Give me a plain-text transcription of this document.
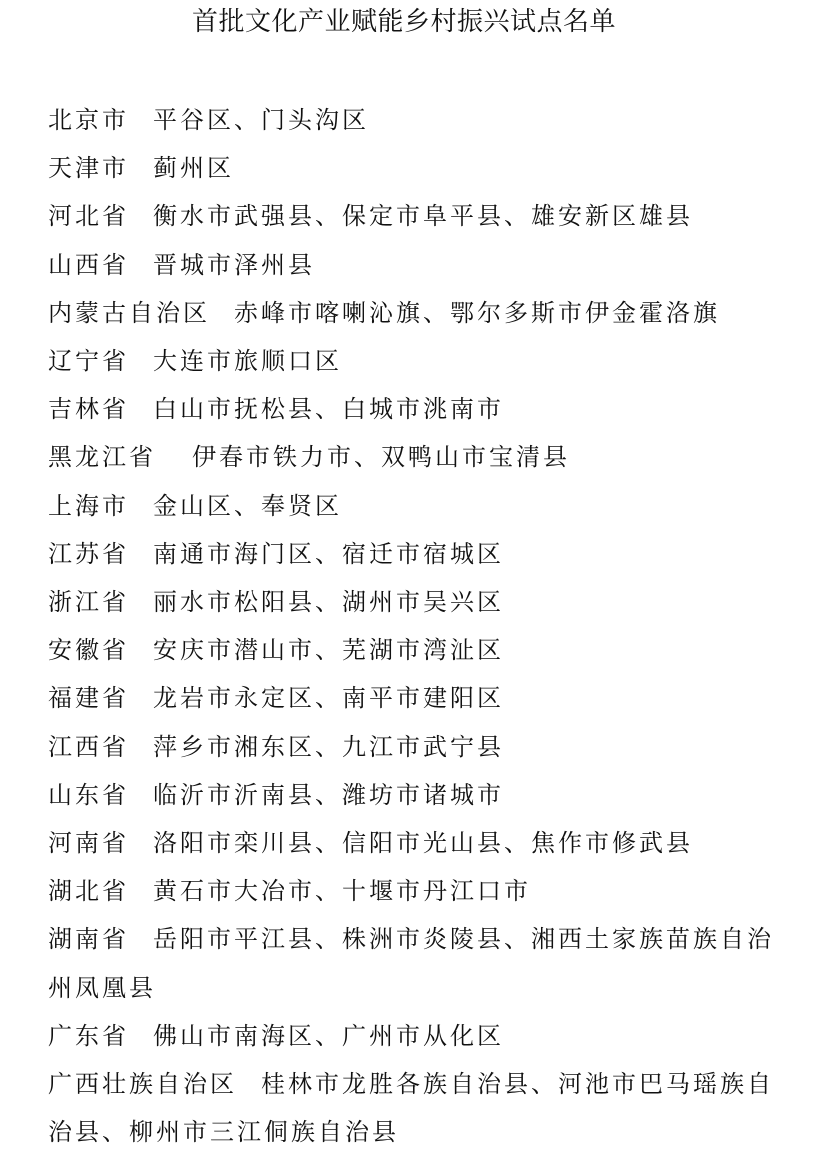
首批文化产业赋能乡村振兴试点名单
北京市 平谷区、门头沟区
天津市 蓟州区
河北省 衡水市武强县、保定市阜平县、雄安新区雄县
山西省 晋城市泽州县
内蒙古自治区 赤峰市喀喇沁旗、鄂尔多斯市伊金霍洛旗
辽宁省 大连市旅顺口区
吉林省 白山市抚松县、白城市洮南市
黑龙江省 伊春市铁力市、双鸭山市宝清县
上海市 金山区、奉贤区
江苏省 南通市海门区、宿迁市宿城区
浙江省 丽水市松阳县、湖州市吴兴区
安徽省 安庆市潜山市、芜湖市湾沚区
福建省 龙岩市永定区、南平市建阳区
江西省 萍乡市湘东区、九江市武宁县
山东省 临沂市沂南县、潍坊市诸城市
河南省 洛阳市栾川县、信阳市光山县、焦作市修武县
湖北省 黄石市大冶市、十堰市丹江口市
湖南省 岳阳市平江县、株洲市炎陵县、湘西土家族苗族自治州凤凰县
广东省 佛山市南海区、广州市从化区
广西壮族自治区 桂林市龙胜各族自治县、河池市巴马瑶族自治县、柳州市三江侗族自治县
